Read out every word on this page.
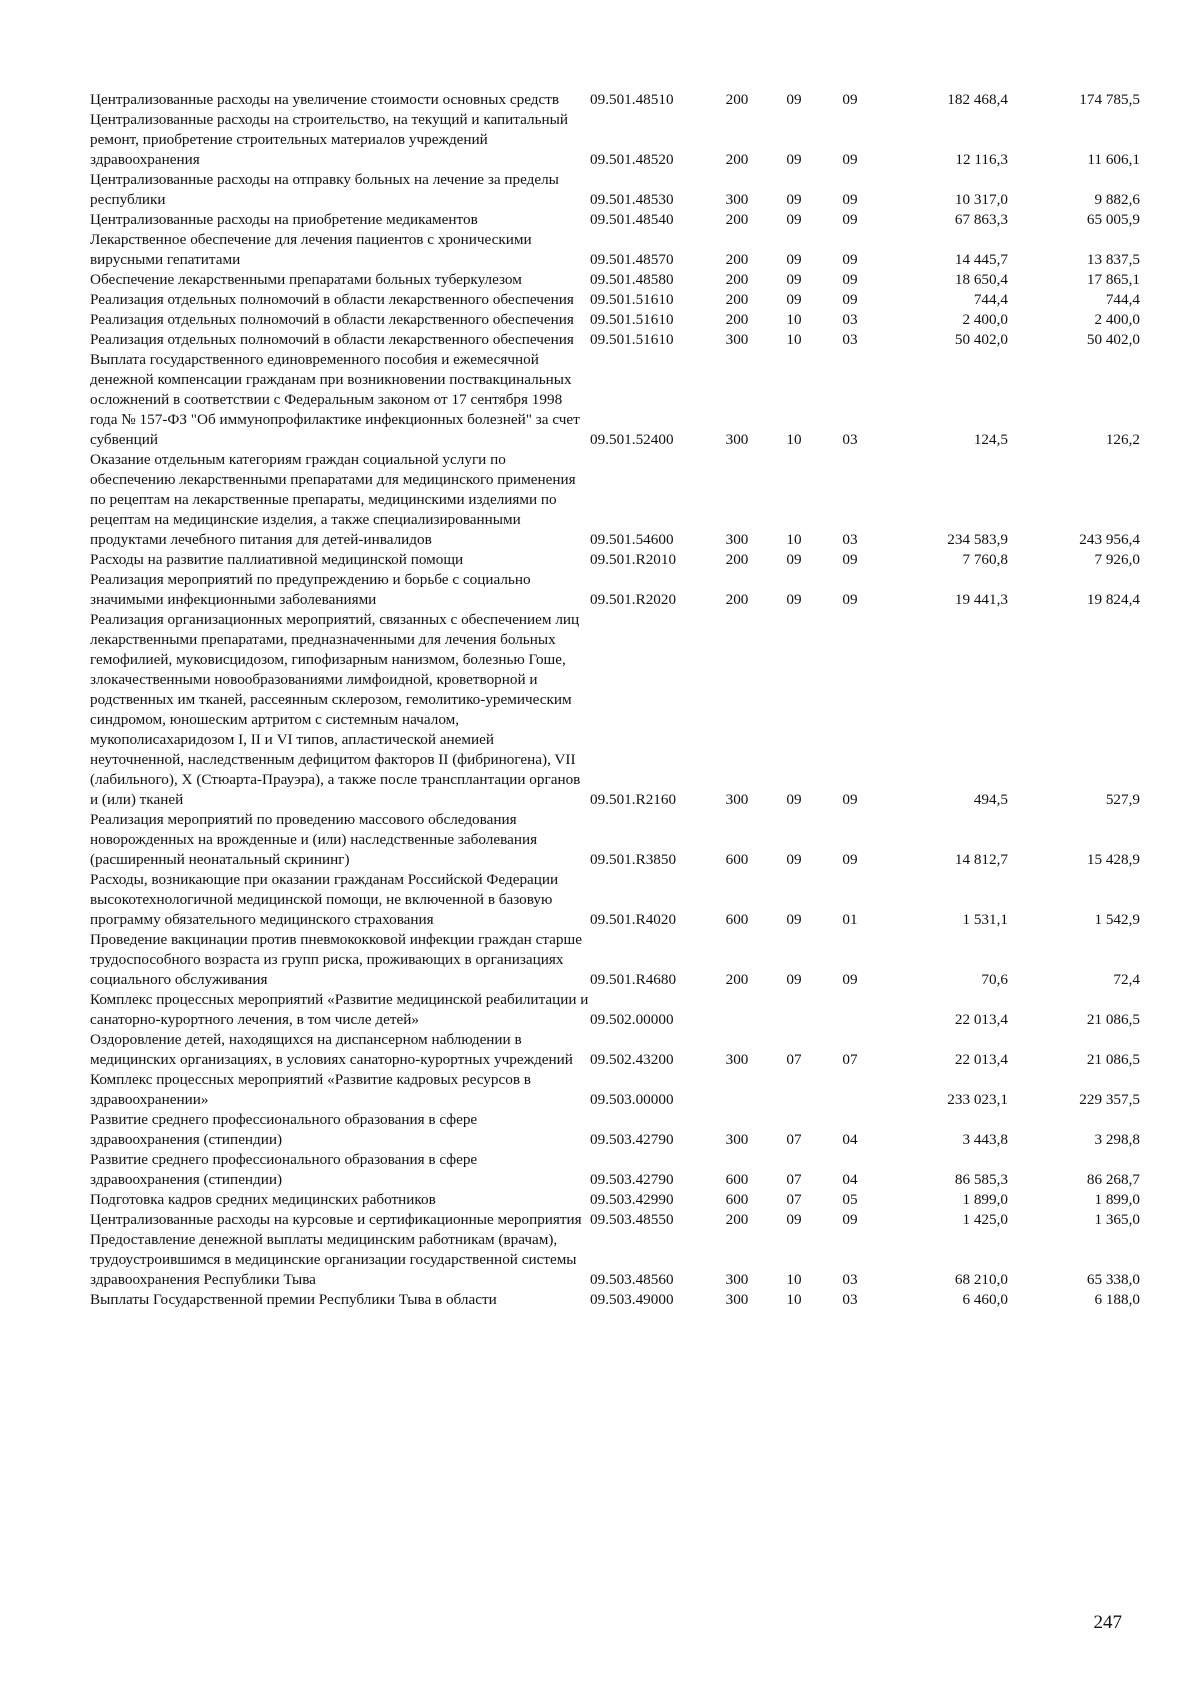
Централизованные расходы на увеличение стоимости основных средств	09.501.48510	200	09	09	182 468,4	174 785,5
Централизованные расходы на строительство, на текущий и капитальный ремонт, приобретение строительных материалов учреждений здравоохранения	09.501.48520	200	09	09	12 116,3	11 606,1
Централизованные расходы на отправку больных на лечение за пределы республики	09.501.48530	300	09	09	10 317,0	9 882,6
Централизованные расходы на приобретение медикаментов	09.501.48540	200	09	09	67 863,3	65 005,9
Лекарственное обеспечение для лечения пациентов с хроническими вирусными гепатитами	09.501.48570	200	09	09	14 445,7	13 837,5
Обеспечение лекарственными препаратами больных туберкулезом	09.501.48580	200	09	09	18 650,4	17 865,1
Реализация отдельных полномочий в области лекарственного обеспечения	09.501.51610	200	09	09	744,4	744,4
Реализация отдельных полномочий в области лекарственного обеспечения	09.501.51610	200	10	03	2 400,0	2 400,0
Реализация отдельных полномочий в области лекарственного обеспечения	09.501.51610	300	10	03	50 402,0	50 402,0
Выплата государственного единовременного пособия и ежемесячной денежной компенсации гражданам при возникновении поствакцинальных осложнений в соответствии с Федеральным законом от 17 сентября 1998 года № 157-ФЗ "Об иммунопрофилактике инфекционных болезней" за счет субвенций	09.501.52400	300	10	03	124,5	126,2
Оказание отдельным категориям граждан социальной услуги по обеспечению лекарственными препаратами для медицинского применения по рецептам на лекарственные препараты, медицинскими изделиями по рецептам на медицинские изделия, а также специализированными продуктами лечебного питания для детей-инвалидов	09.501.54600	300	10	03	234 583,9	243 956,4
Расходы на развитие паллиативной медицинской помощи	09.501.R2010	200	09	09	7 760,8	7 926,0
Реализация мероприятий по предупреждению и борьбе с социально значимыми инфекционными заболеваниями	09.501.R2020	200	09	09	19 441,3	19 824,4
Реализация организационных мероприятий, связанных с обеспечением лиц лекарственными препаратами, предназначенными для лечения больных гемофилией, муковисцидозом, гипофизарным нанизмом, болезнью Гоше, злокачественными новообразованиями лимфоидной, кроветворной и родственных им тканей, рассеянным склерозом, гемолитико-уремическим синдромом, юношеским артритом с системным началом, мукополисахаридозом I, II и VI типов, апластической анемией неуточненной, наследственным дефицитом факторов II (фибриногена), VII (лабильного), X (Стюарта-Прауэра), а также после трансплантации органов и (или) тканей	09.501.R2160	300	09	09	494,5	527,9
Реализация мероприятий по проведению массового обследования новорожденных на врожденные и (или) наследственные заболевания (расширенный неонатальный скрининг)	09.501.R3850	600	09	09	14 812,7	15 428,9
Расходы, возникающие при оказании гражданам Российской Федерации высокотехнологичной медицинской помощи, не включенной в базовую программу обязательного медицинского страхования	09.501.R4020	600	09	01	1 531,1	1 542,9
Проведение вакцинации против пневмококковой инфекции граждан старше трудоспособного возраста из групп риска, проживающих в организациях социального обслуживания	09.501.R4680	200	09	09	70,6	72,4
Комплекс процессных мероприятий «Развитие медицинской реабилитации и санаторно-курортного лечения, в том числе детей»	09.502.00000				22 013,4	21 086,5
Оздоровление детей, находящихся на диспансерном наблюдении в медицинских организациях, в условиях санаторно-курортных учреждений	09.502.43200	300	07	07	22 013,4	21 086,5
Комплекс процессных мероприятий «Развитие кадровых ресурсов в здравоохранении»	09.503.00000				233 023,1	229 357,5
Развитие среднего профессионального образования в сфере здравоохранения (стипендии)	09.503.42790	300	07	04	3 443,8	3 298,8
Развитие среднего профессионального образования в сфере здравоохранения (стипендии)	09.503.42790	600	07	04	86 585,3	86 268,7
Подготовка кадров средних медицинских работников	09.503.42990	600	07	05	1 899,0	1 899,0
Централизованные расходы на курсовые и сертификационные мероприятия	09.503.48550	200	09	09	1 425,0	1 365,0
Предоставление денежной выплаты медицинским работникам (врачам), трудоустроившимся в медицинские организации государственной системы здравоохранения Республики Тыва	09.503.48560	300	10	03	68 210,0	65 338,0
Выплаты Государственной премии Республики Тыва в области	09.503.49000	300	10	03	6 460,0	6 188,0
247
